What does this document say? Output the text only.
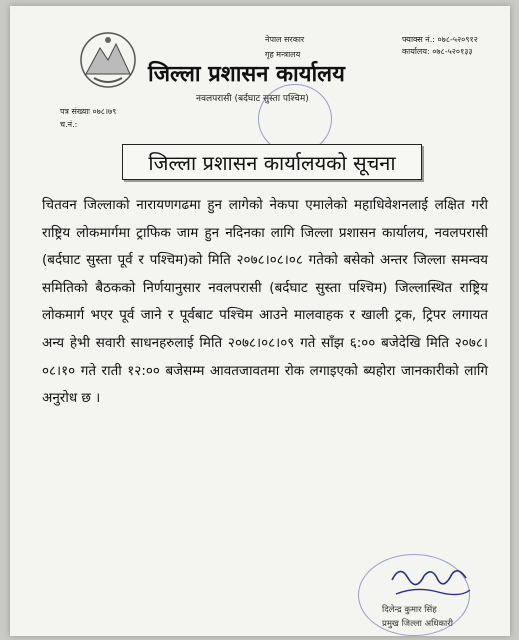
नेपाल सरकार
गृह मन्त्रालय
फ्याक्स नं.: ०७८-५२०९१२
कार्यालय: ०७८-५२०१३३
जिल्ला प्रशासन कार्यालय
नवलपरासी (बर्दघाट सुस्ता पश्चिम)
पत्र संख्याः ०७८।७९
च.नं.:
जिल्ला प्रशासन कार्यालयको सूचना
चितवन जिल्लाको नारायणगढमा हुन लागेको नेकपा एमालेको महाधिवेशनलाई लक्षित गरी राष्ट्रिय लोकमार्गमा ट्राफिक जाम हुन नदिनका लागि जिल्ला प्रशासन कार्यालय, नवलपरासी (बर्दघाट सुस्ता पूर्व र पश्चिम)को मिति २०७८।०८।०८ गतेको बसेको अन्तर जिल्ला समन्वय समितिको बैठकको निर्णयानुसार नवलपरासी (बर्दघाट सुस्ता पश्चिम) जिल्लास्थित राष्ट्रिय लोकमार्ग भएर पूर्व जाने र पूर्वबाट पश्चिम आउने मालवाहक र खाली ट्रक, ट्रिपर लगायत अन्य हेभी सवारी साधनहरुलाई मिति २०७८।०८।०९ गते साँझ ६:०० बजेदेखि मिति २०७८।०८।१० गते राती १२:०० बजेसम्म आवतजावतमा रोक लगाइएको ब्यहोरा जानकारीको लागि अनुरोध छ ।
दिलेन्द्र कुमार सिंह
प्रमुख जिल्ला अधिकारी
